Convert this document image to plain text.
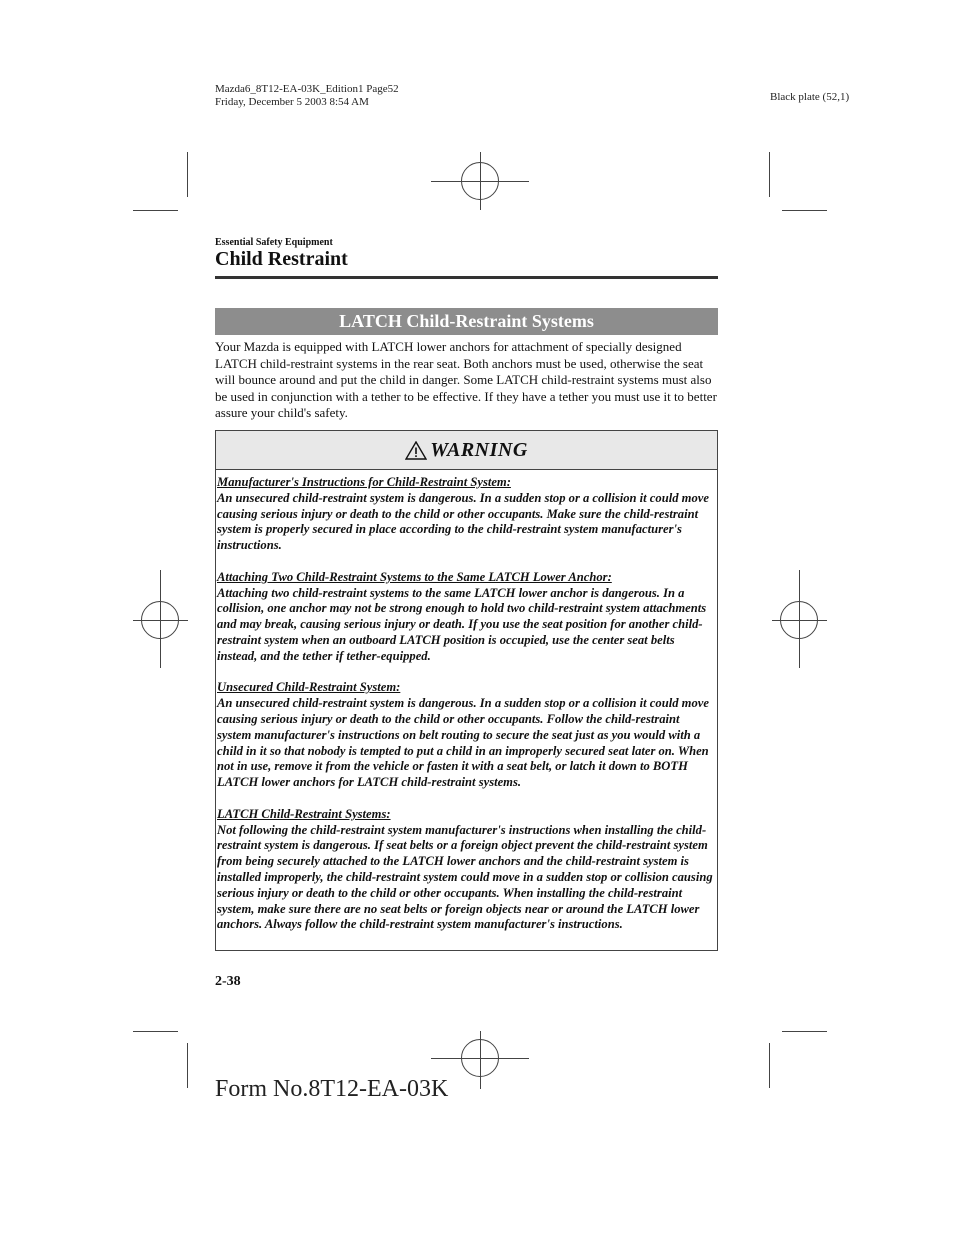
Mazda6_8T12-EA-03K_Edition1 Page52
Friday, December 5 2003 8:54 AM	Black plate (52,1)
Essential Safety Equipment
Child Restraint
LATCH Child-Restraint Systems
Your Mazda is equipped with LATCH lower anchors for attachment of specially designed LATCH child-restraint systems in the rear seat. Both anchors must be used, otherwise the seat will bounce around and put the child in danger. Some LATCH child-restraint systems must also be used in conjunction with a tether to be effective. If they have a tether you must use it to better assure your child's safety.
WARNING
Manufacturer's Instructions for Child-Restraint System:
An unsecured child-restraint system is dangerous. In a sudden stop or a collision it could move causing serious injury or death to the child or other occupants. Make sure the child-restraint system is properly secured in place according to the child-restraint system manufacturer's instructions.
Attaching Two Child-Restraint Systems to the Same LATCH Lower Anchor:
Attaching two child-restraint systems to the same LATCH lower anchor is dangerous. In a collision, one anchor may not be strong enough to hold two child-restraint system attachments and may break, causing serious injury or death. If you use the seat position for another child-restraint system when an outboard LATCH position is occupied, use the center seat belts instead, and the tether if tether-equipped.
Unsecured Child-Restraint System:
An unsecured child-restraint system is dangerous. In a sudden stop or a collision it could move causing serious injury or death to the child or other occupants. Follow the child-restraint system manufacturer's instructions on belt routing to secure the seat just as you would with a child in it so that nobody is tempted to put a child in an improperly secured seat later on. When not in use, remove it from the vehicle or fasten it with a seat belt, or latch it down to BOTH LATCH lower anchors for LATCH child-restraint systems.
LATCH Child-Restraint Systems:
Not following the child-restraint system manufacturer's instructions when installing the child-restraint system is dangerous. If seat belts or a foreign object prevent the child-restraint system from being securely attached to the LATCH lower anchors and the child-restraint system is installed improperly, the child-restraint system could move in a sudden stop or collision causing serious injury or death to the child or other occupants. When installing the child-restraint system, make sure there are no seat belts or foreign objects near or around the LATCH lower anchors. Always follow the child-restraint system manufacturer's instructions.
2-38
Form No.8T12-EA-03K
